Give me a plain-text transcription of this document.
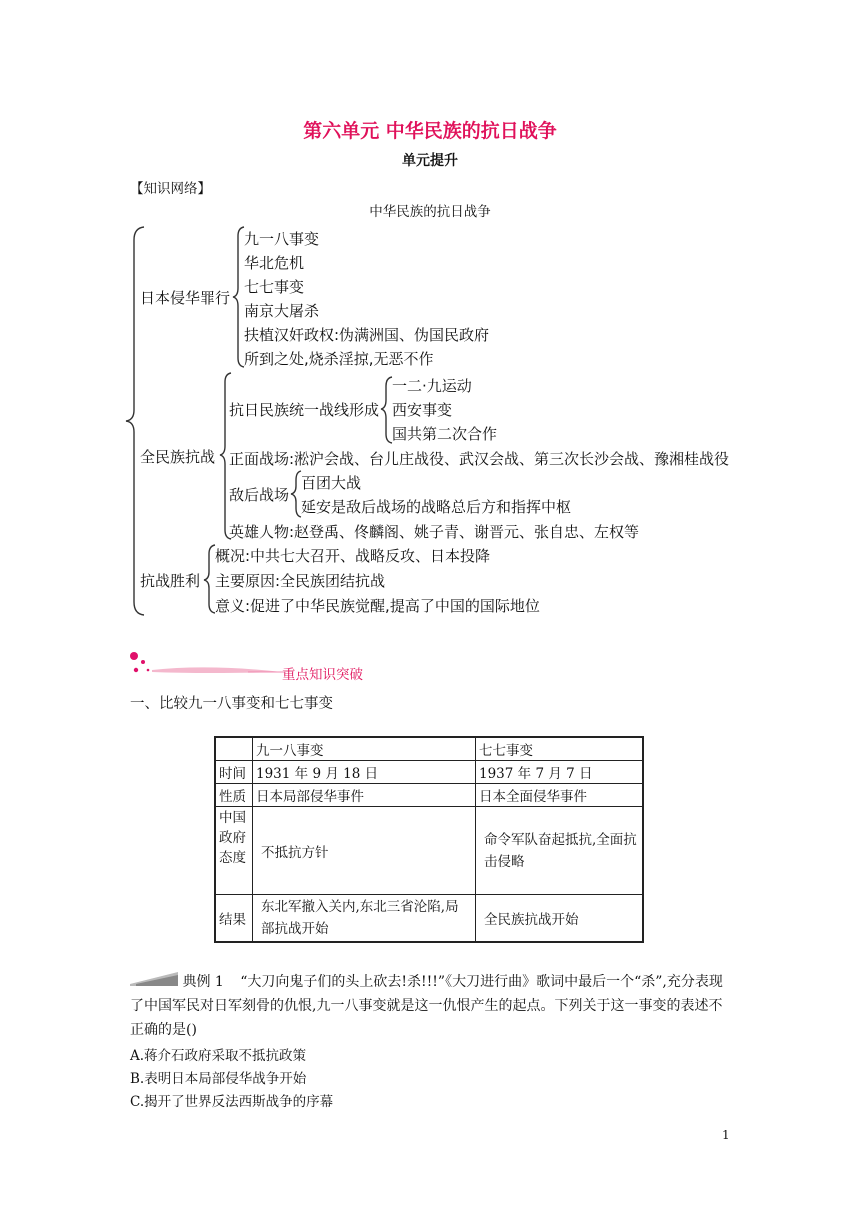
第六单元 中华民族的抗日战争
单元提升
【知识网络】
中华民族的抗日战争
日本侵华罪行
九一八事变
华北危机
七七事变
南京大屠杀
扶植汉奸政权:伪满洲国、伪国民政府
所到之处,烧杀淫掠,无恶不作
全民族抗战
抗日民族统一战线形成
一二·九运动
西安事变
国共第二次合作
正面战场:淞沪会战、台儿庄战役、武汉会战、第三次长沙会战、豫湘桂战役
敌后战场
百团大战
延安是敌后战场的战略总后方和指挥中枢
英雄人物:赵登禹、佟麟阁、姚子青、谢晋元、张自忠、左权等
抗战胜利
概况:中共七大召开、战略反攻、日本投降
主要原因:全民族团结抗战
意义:促进了中华民族觉醒,提高了中国的国际地位
重点知识突破
一、比较九一八事变和七七事变
	九一八事变	七七事变
时间	1931 年 9 月 18 日	1937 年 7 月 7 日
性质	日本局部侵华事件	日本全面侵华事件
中国政府态度	不抵抗方针	命令军队奋起抵抗,全面抗击侵略
结果	东北军撤入关内,东北三省沦陷,局部抗战开始	全民族抗战开始
典例 1 “大刀向鬼子们的头上砍去!杀!!!”《大刀进行曲》歌词中最后一个“杀”,充分表现了中国军民对日军刻骨的仇恨,九一八事变就是这一仇恨产生的起点。下列关于这一事变的表述不正确的是()
A.蒋介石政府采取不抵抗政策
B.表明日本局部侵华战争开始
C.揭开了世界反法西斯战争的序幕
1
